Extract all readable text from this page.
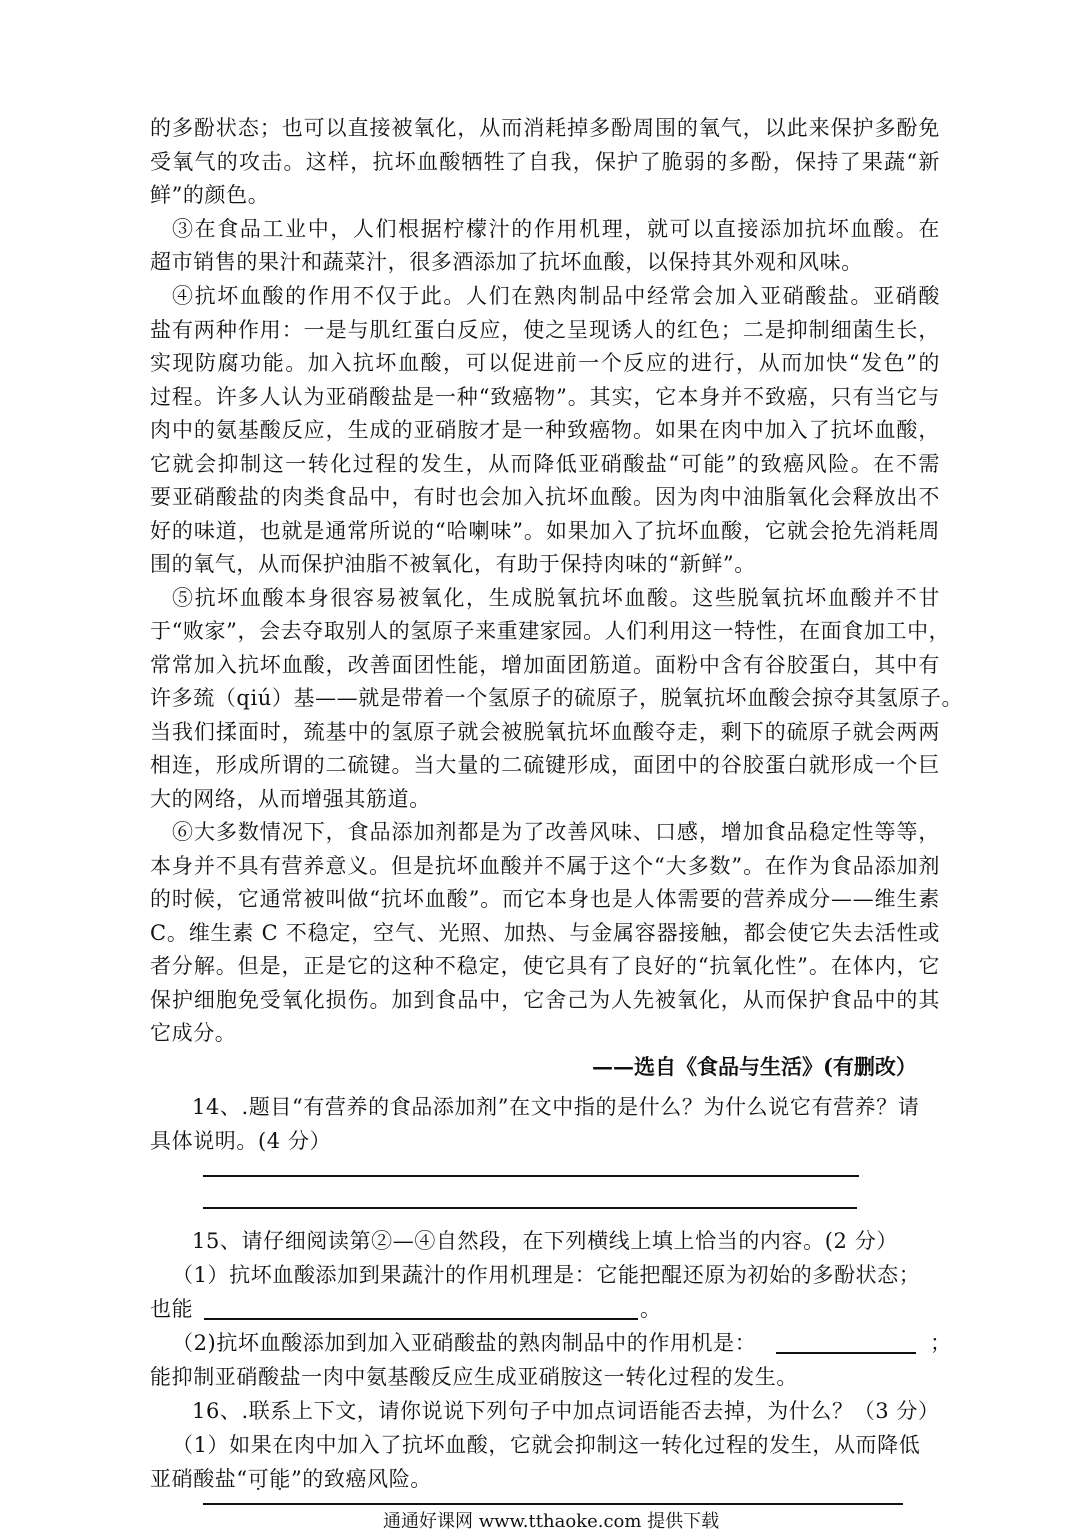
的多酚状态；也可以直接被氧化，从而消耗掉多酚周围的氧气，以此来保护多酚免
受氧气的攻击。这样，抗坏血酸牺牲了自我，保护了脆弱的多酚，保持了果蔬“新
鲜”的颜色。
③在食品工业中，人们根据柠檬汁的作用机理，就可以直接添加抗坏血酸。在
超市销售的果汁和蔬菜汁，很多酒添加了抗坏血酸，以保持其外观和风味。
④抗坏血酸的作用不仅于此。人们在熟肉制品中经常会加入亚硝酸盐。亚硝酸
盐有两种作用：一是与肌红蛋白反应，使之呈现诱人的红色；二是抑制细菌生长，
实现防腐功能。加入抗坏血酸，可以促进前一个反应的进行，从而加快“发色”的
过程。许多人认为亚硝酸盐是一种“致癌物”。其实，它本身并不致癌，只有当它与
肉中的氨基酸反应，生成的亚硝胺才是一种致癌物。如果在肉中加入了抗坏血酸，
它就会抑制这一转化过程的发生，从而降低亚硝酸盐“可能”的致癌风险。在不需
要亚硝酸盐的肉类食品中，有时也会加入抗坏血酸。因为肉中油脂氧化会释放出不
好的味道，也就是通常所说的“哈喇味”。如果加入了抗坏血酸，它就会抢先消耗周
围的氧气，从而保护油脂不被氧化，有助于保持肉味的“新鲜”。
⑤抗坏血酸本身很容易被氧化，生成脱氧抗坏血酸。这些脱氧抗坏血酸并不甘
于“败家”，会去夺取别人的氢原子来重建家园。人们利用这一特性，在面食加工中，
常常加入抗坏血酸，改善面团性能，增加面团筋道。面粉中含有谷胶蛋白，其中有
许多巯（qiú）基——就是带着一个氢原子的硫原子，脱氧抗坏血酸会掠夺其氢原子。
当我们揉面时，巯基中的氢原子就会被脱氧抗坏血酸夺走，剩下的硫原子就会两两
相连，形成所谓的二硫键。当大量的二硫键形成，面团中的谷胶蛋白就形成一个巨
大的网络，从而增强其筋道。
⑥大多数情况下，食品添加剂都是为了改善风味、口感，增加食品稳定性等等，
本身并不具有营养意义。但是抗坏血酸并不属于这个“大多数”。在作为食品添加剂
的时候，它通常被叫做“抗坏血酸”。而它本身也是人体需要的营养成分——维生素
C。维生素 C 不稳定，空气、光照、加热、与金属容器接触，都会使它失去活性或
者分解。但是，正是它的这种不稳定，使它具有了良好的“抗氧化性”。在体内，它
保护细胞免受氧化损伤。加到食品中，它舍己为人先被氧化，从而保护食品中的其
它成分。
——选自《食品与生活》(有删改）
14、.题目“有营养的食品添加剂”在文中指的是什么？为什么说它有营养？请
具体说明。(4 分）
15、请仔细阅读第②—④自然段，在下列横线上填上恰当的内容。(2 分）
（1）抗坏血酸添加到果蔬汁的作用机理是：它能把醌还原为初始的多酚状态；
也能	。
（2)抗坏血酸添加到加入亚硝酸盐的熟肉制品中的作用机是：	；
能抑制亚硝酸盐一肉中氨基酸反应生成亚硝胺这一转化过程的发生。
16、.联系上下文，请你说说下列句子中加点词语能否去掉，为什么？（3 分）
（1）如果在肉中加入了抗坏血酸，它就会抑制这一转化过程的发生，从而降低
亚硝酸盐“可能”的致癌风险。
通通好课网 www.tthaoke.com 提供下载
